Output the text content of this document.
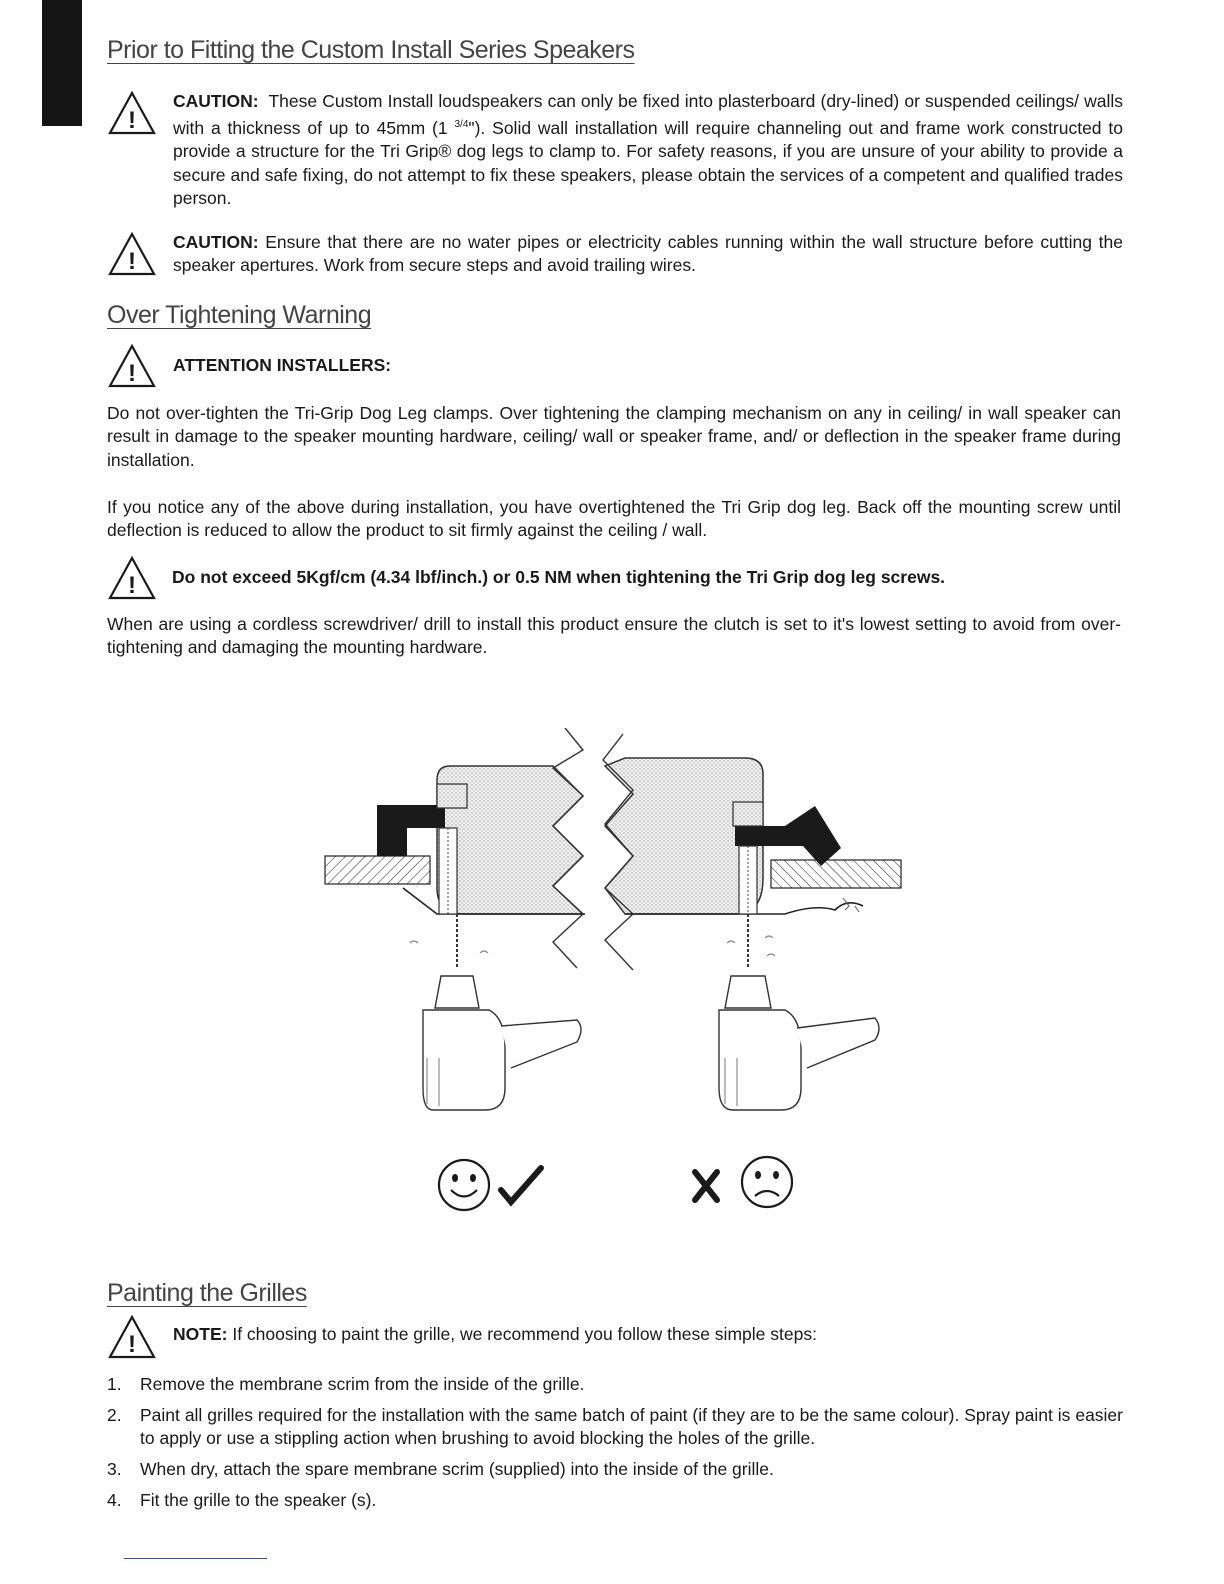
Prior to Fitting the Custom Install Series Speakers
!
CAUTION: These Custom Install loudspeakers can only be fixed into plasterboard (dry-lined) or suspended ceilings/ walls with a thickness of up to 45mm (1 $^{3/4}$"). Solid wall installation will require channeling out and frame work constructed to provide a structure for the Tri Grip® dog legs to clamp to. For safety reasons, if you are unsure of your ability to provide a secure and safe fixing, do not attempt to fix these speakers, please obtain the services of a competent and qualified trades person.
!
CAUTION: Ensure that there are no water pipes or electricity cables running within the wall structure before cutting the speaker apertures. Work from secure steps and avoid trailing wires.
Over Tightening Warning
! ATTENTION INSTALLERS:

Do not over-tighten the Tri-Grip Dog Leg clamps. Over tightening the clamping mechanism on any in ceiling/ in wall speaker can result in damage to the speaker mounting hardware, ceiling/ wall or speaker frame, and/ or deflection in the speaker frame during installation.

If you notice any of the above during installation, you have overtightened the Tri Grip dog leg. Back off the mounting screw until deflection is reduced to allow the product to sit firmly against the ceiling / wall.

! Do not exceed 5Kgf/cm (4.34 lbf/inch.) or 0.5 NM when tightening the Tri Grip dog leg screws.

When are using a cordless screwdriver/ drill to install this product ensure the clutch is set to it's lowest setting to avoid from over-tightening and damaging the mounting hardware.

Painting the Grilles
! NOTE: If choosing to paint the grille, we recommend you follow these simple steps:
1. Remove the membrane scrim from the inside of the grille.
2. Paint all grilles required for the installation with the same batch of paint (if they are to be the same colour). Spray paint is easier to apply or use a stippling action when brushing to avoid blocking the holes of the grille.
3. When dry, attach the spare membrane scrim (supplied) into the inside of the grille.
4. Fit the grille to the speaker (s).
